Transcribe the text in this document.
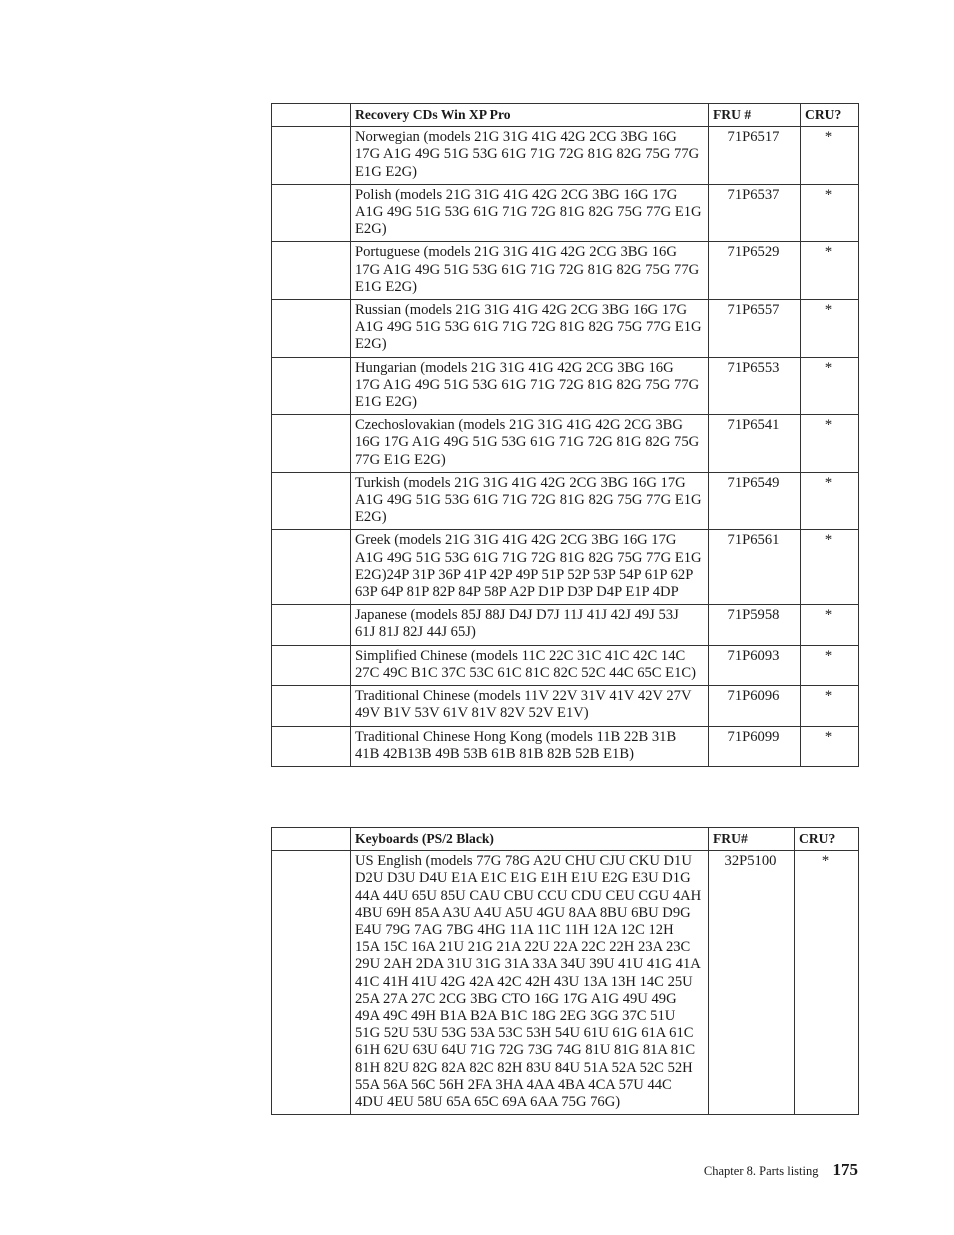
	Recovery CDs Win XP Pro	FRU #	CRU?
	Norwegian (models 21G 31G 41G 42G 2CG 3BG 16G 17G A1G 49G 51G 53G 61G 71G 72G 81G 82G 75G 77G E1G E2G)	71P6517	*
	Polish (models 21G 31G 41G 42G 2CG 3BG 16G 17G A1G 49G 51G 53G 61G 71G 72G 81G 82G 75G 77G E1G E2G)	71P6537	*
	Portuguese (models 21G 31G 41G 42G 2CG 3BG 16G 17G A1G 49G 51G 53G 61G 71G 72G 81G 82G 75G 77G E1G E2G)	71P6529	*
	Russian (models 21G 31G 41G 42G 2CG 3BG 16G 17G A1G 49G 51G 53G 61G 71G 72G 81G 82G 75G 77G E1G E2G)	71P6557	*
	Hungarian (models 21G 31G 41G 42G 2CG 3BG 16G 17G A1G 49G 51G 53G 61G 71G 72G 81G 82G 75G 77G E1G E2G)	71P6553	*
	Czechoslovakian (models 21G 31G 41G 42G 2CG 3BG 16G 17G A1G 49G 51G 53G 61G 71G 72G 81G 82G 75G 77G E1G E2G)	71P6541	*
	Turkish (models 21G 31G 41G 42G 2CG 3BG 16G 17G A1G 49G 51G 53G 61G 71G 72G 81G 82G 75G 77G E1G E2G)	71P6549	*
	Greek (models 21G 31G 41G 42G 2CG 3BG 16G 17G A1G 49G 51G 53G 61G 71G 72G 81G 82G 75G 77G E1G E2G)24P 31P 36P 41P 42P 49P 51P 52P 53P 54P 61P 62P 63P 64P 81P 82P 84P 58P A2P D1P D3P D4P E1P 4DP	71P6561	*
	Japanese (models 85J 88J D4J D7J 11J 41J 42J 49J 53J 61J 81J 82J 44J 65J)	71P5958	*
	Simplified Chinese (models 11C 22C 31C 41C 42C 14C 27C 49C B1C 37C 53C 61C 81C 82C 52C 44C 65C E1C)	71P6093	*
	Traditional Chinese (models 11V 22V 31V 41V 42V 27V 49V B1V 53V 61V 81V 82V 52V E1V)	71P6096	*
	Traditional Chinese Hong Kong (models 11B 22B 31B 41B 42B13B 49B 53B 61B 81B 82B 52B E1B)	71P6099	*
	Keyboards (PS/2 Black)	FRU#	CRU?
	US English (models 77G 78G A2U CHU CJU CKU D1U D2U D3U D4U E1A E1C E1G E1H E1U E2G E3U D1G 44A 44U 65U 85U CAU CBU CCU CDU CEU CGU 4AH 4BU 69H 85A A3U A4U A5U 4GU 8AA 8BU 6BU D9G E4U 79G 7AG 7BG 4HG 11A 11C 11H 12A 12C 12H 15A 15C 16A 21U 21G 21A 22U 22A 22C 22H 23A 23C 29U 2AH 2DA 31U 31G 31A 33A 34U 39U 41U 41G 41A 41C 41H 41U 42G 42A 42C 42H 43U 13A 13H 14C 25U 25A 27A 27C 2CG 3BG CTO 16G 17G A1G 49U 49G 49A 49C 49H B1A B2A B1C 18G 2EG 3GG 37C 51U 51G 52U 53U 53G 53A 53C 53H 54U 61U 61G 61A 61C 61H 62U 63U 64U 71G 72G 73G 74G 81U 81G 81A 81C 81H 82U 82G 82A 82C 82H 83U 84U 51A 52A 52C 52H 55A 56A 56C 56H 2FA 3HA 4AA 4BA 4CA 57U 44C 4DU 4EU 58U 65A 65C 69A 6AA 75G 76G)	32P5100	*
Chapter 8. Parts listing 175
